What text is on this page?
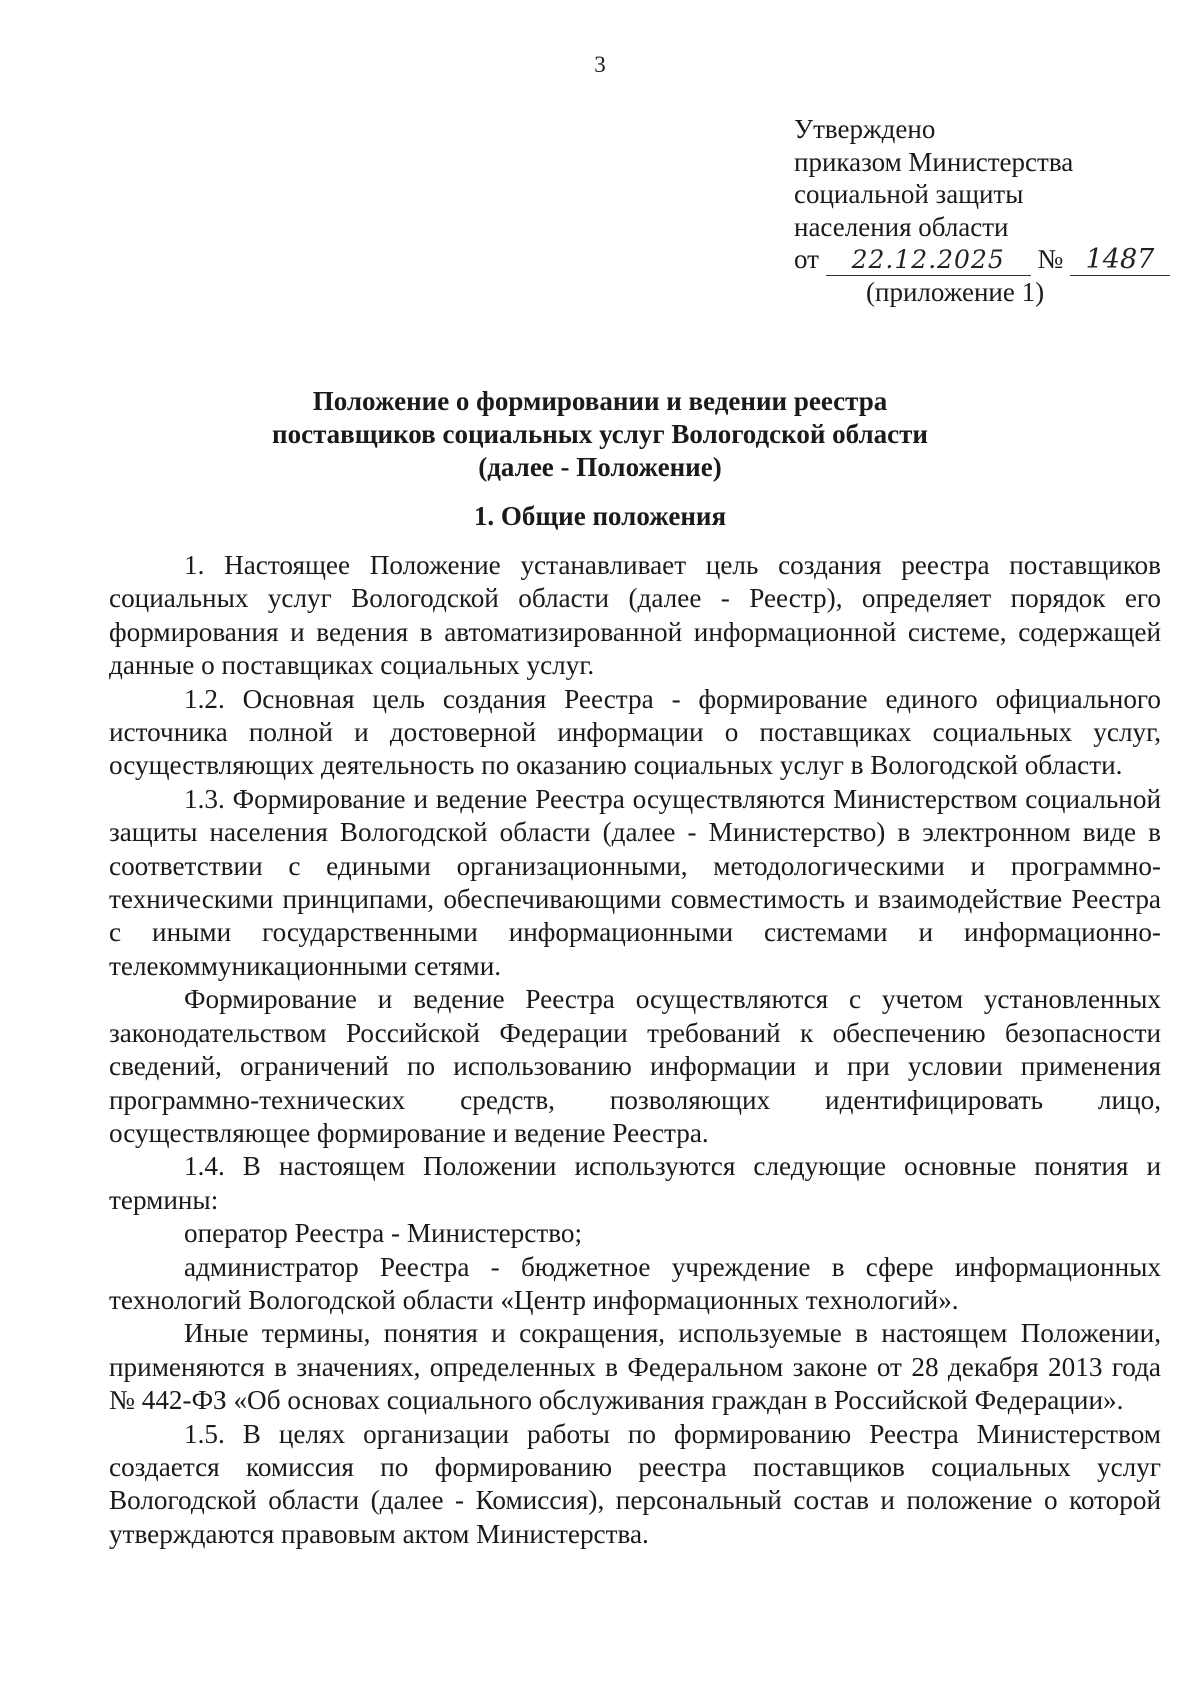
3
Утверждено
приказом Министерства
социальной защиты
населения области
от 22.12.2025 № 1487
(приложение 1)
Положение о формировании и ведении реестра
поставщиков социальных услуг Вологодской области
(далее - Положение)
1. Общие положения

1. Настоящее Положение устанавливает цель создания реестра поставщиков социальных услуг Вологодской области (далее - Реестр), определяет порядок его формирования и ведения в автоматизированной информационной системе, содержащей данные о поставщиках социальных услуг.

1.2. Основная цель создания Реестра - формирование единого официального источника полной и достоверной информации о поставщиках социальных услуг, осуществляющих деятельность по оказанию социальных услуг в Вологодской области.

1.3. Формирование и ведение Реестра осуществляются Министерством социальной защиты населения Вологодской области (далее - Министерство) в электронном виде в соответствии с едиными организационными, методологическими и программно-техническими принципами, обеспечивающими совместимость и взаимодействие Реестра с иными государственными информационными системами и информационно-телекоммуникационными сетями.

Формирование и ведение Реестра осуществляются с учетом установленных законодательством Российской Федерации требований к обеспечению безопасности сведений, ограничений по использованию информации и при условии применения программно-технических средств, позволяющих идентифицировать лицо, осуществляющее формирование и ведение Реестра.

1.4. В настоящем Положении используются следующие основные понятия и термины:

оператор Реестра - Министерство;

администратор Реестра - бюджетное учреждение в сфере информационных технологий Вологодской области «Центр информационных технологий».

Иные термины, понятия и сокращения, используемые в настоящем Положении, применяются в значениях, определенных в Федеральном законе от 28 декабря 2013 года № 442-ФЗ «Об основах социального обслуживания граждан в Российской Федерации».

1.5. В целях организации работы по формированию Реестра Министерством создается комиссия по формированию реестра поставщиков социальных услуг Вологодской области (далее - Комиссия), персональный состав и положение о которой утверждаются правовым актом Министерства.
